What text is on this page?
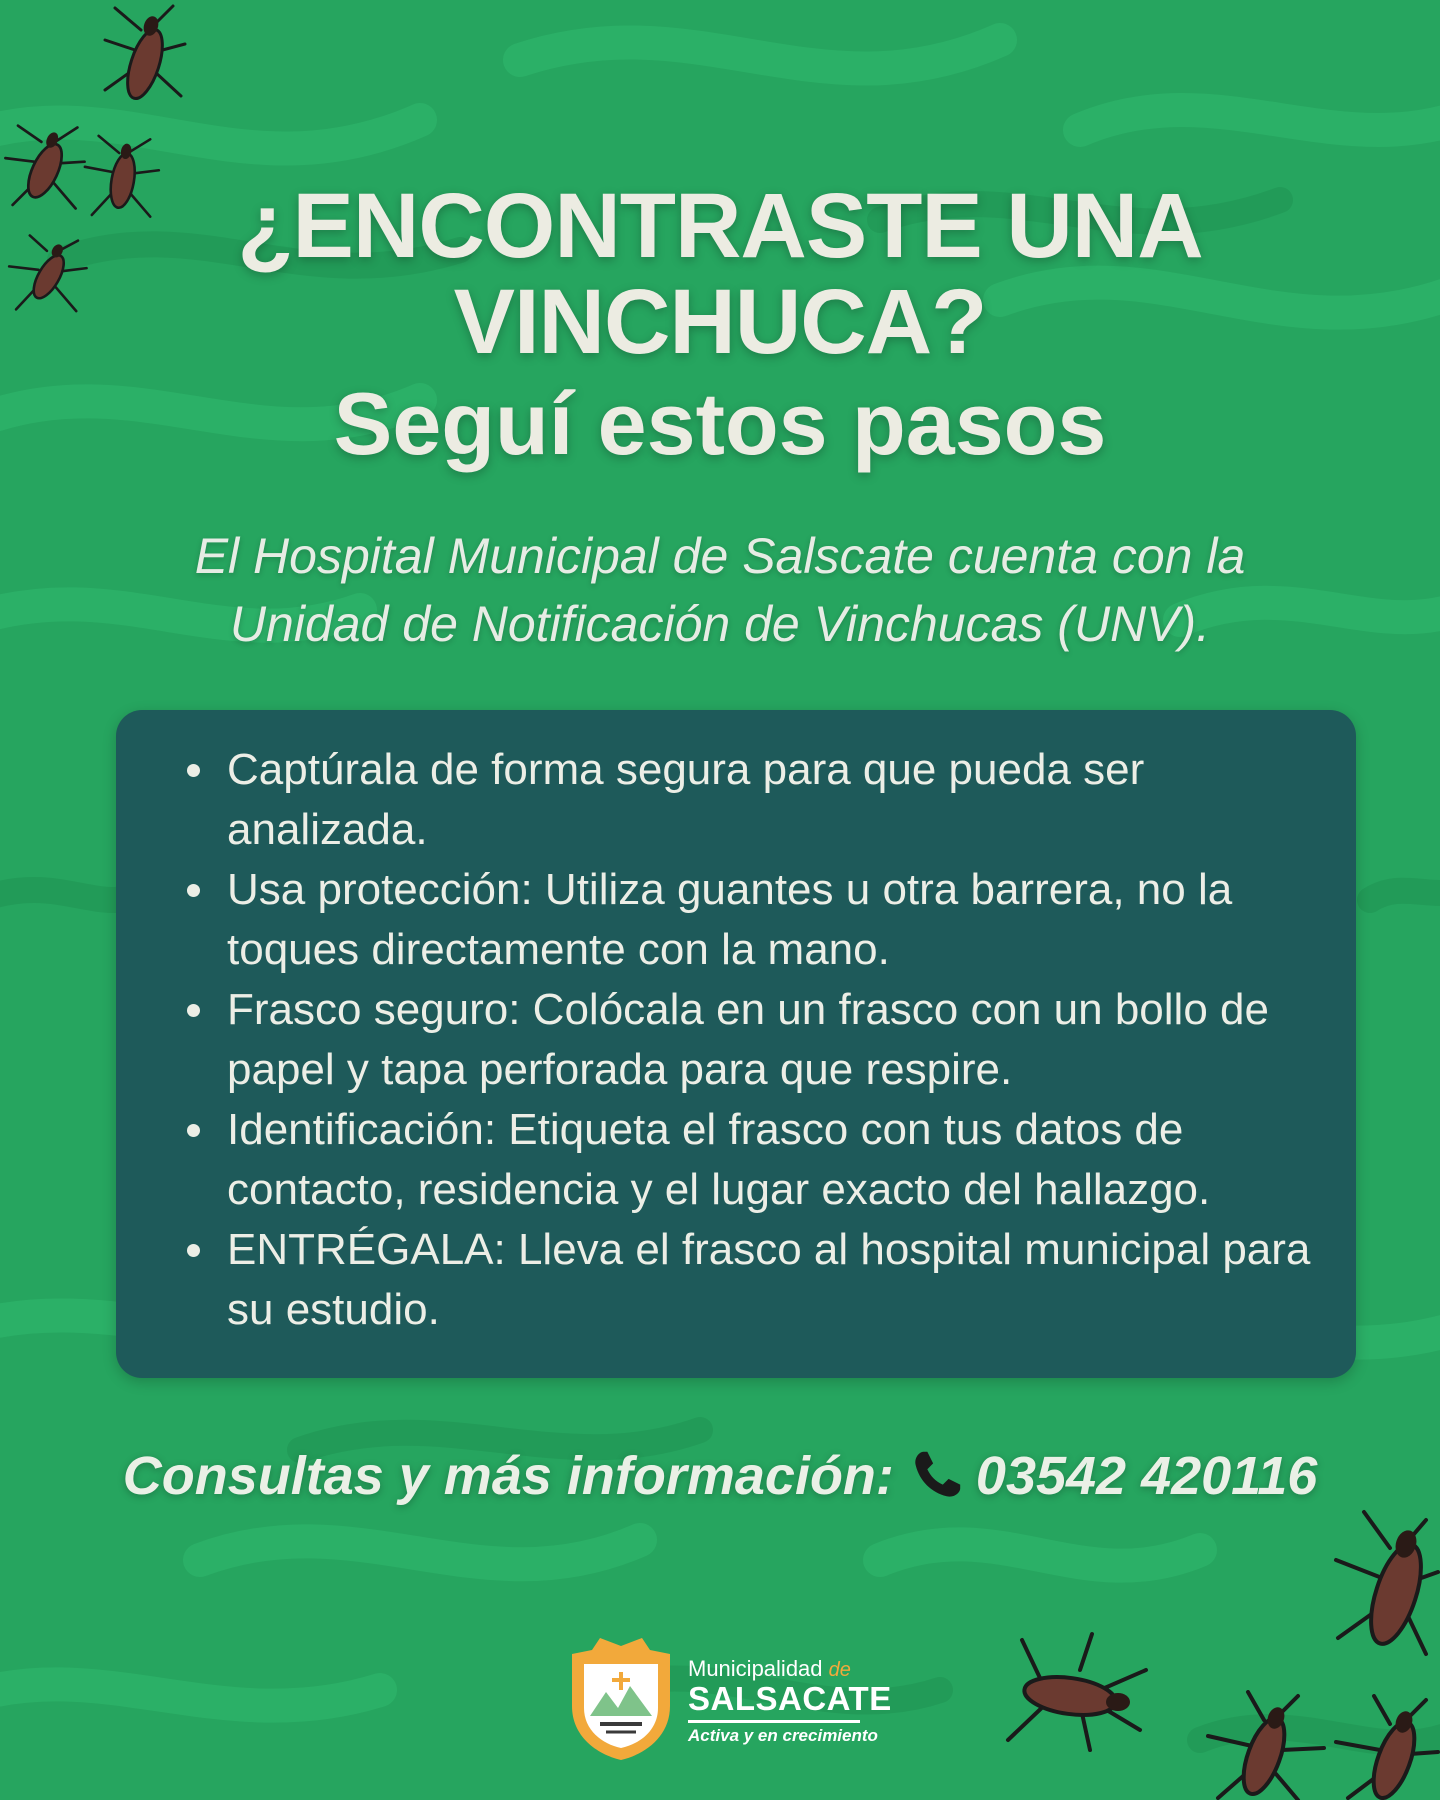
¿ENCONTRASTE UNA
VINCHUCA?
Seguí estos pasos
El Hospital Municipal de Salscate cuenta con la Unidad de Notificación de Vinchucas (UNV).
Captúrala de forma segura para que pueda ser analizada.
Usa protección: Utiliza guantes u otra barrera, no la toques directamente con la mano.
Frasco seguro: Colócala en un frasco con un bollo de papel y tapa perforada para que respire.
Identificación: Etiqueta el frasco con tus datos de contacto, residencia y el lugar exacto del hallazgo.
ENTRÉGALA: Lleva el frasco al hospital municipal para su estudio.
Consultas y más información: 03542 420116
Municipalidad de
SALSACATE
Activa y en crecimiento
